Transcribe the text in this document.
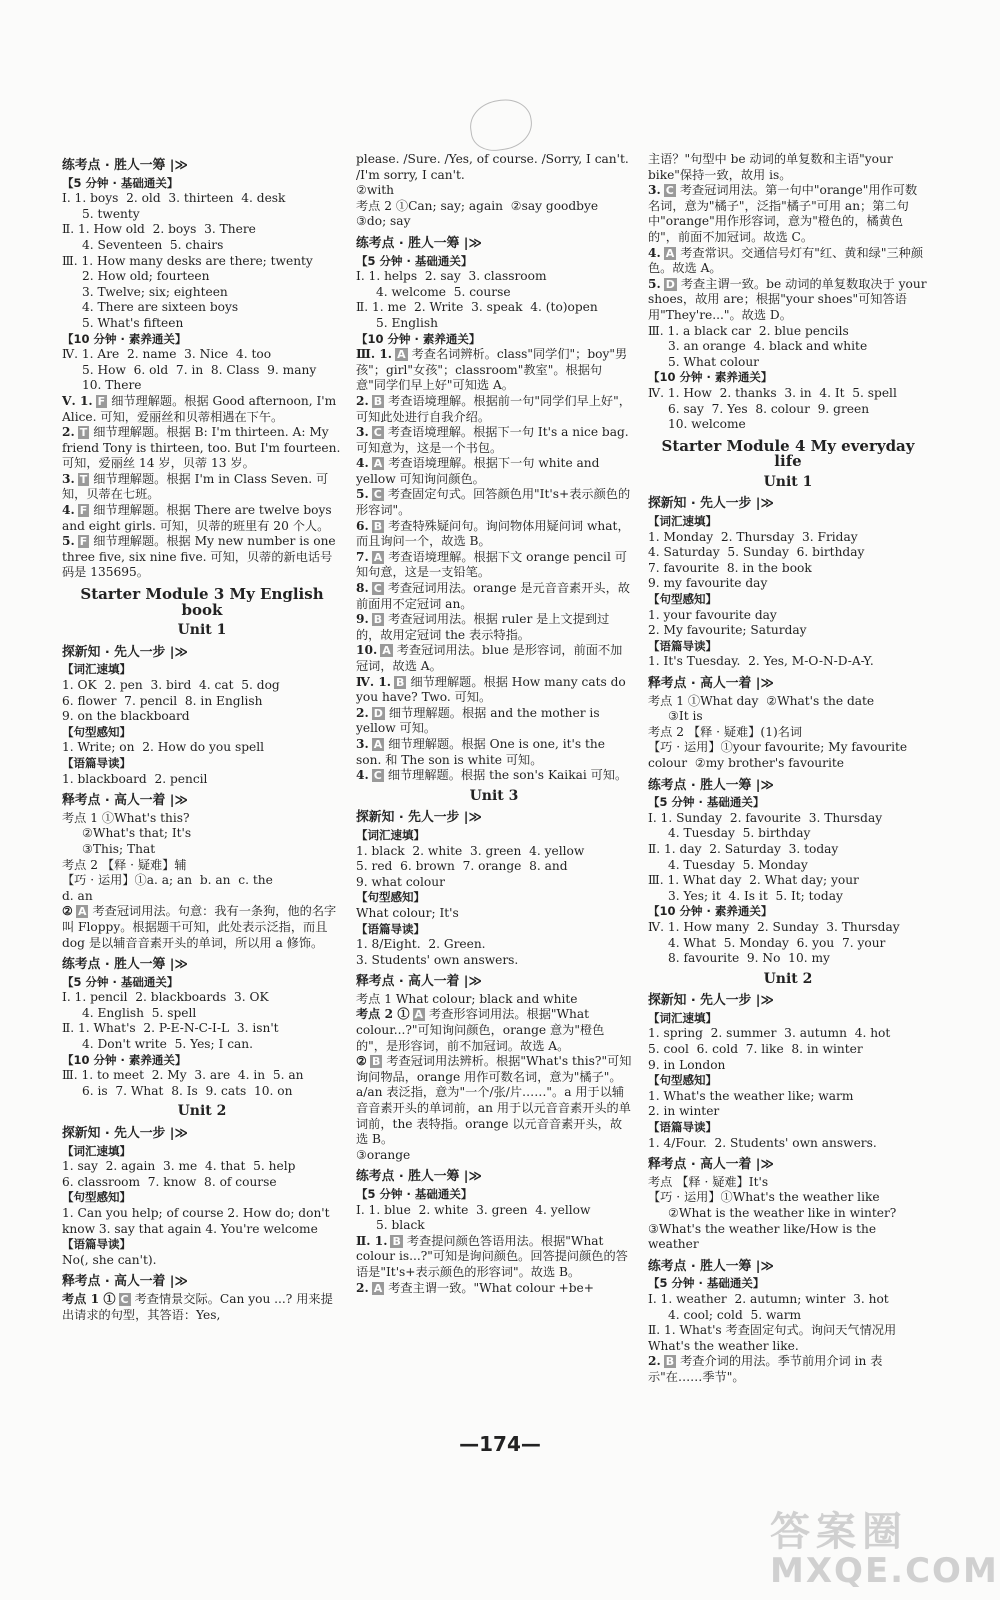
练考点 · 胜人一筹 |≫
【5 分钟 · 基础通关】
Ⅰ. 1. boys  2. old  3. thirteen  4. desk
5. twenty
Ⅱ. 1. How old  2. boys  3. There
4. Seventeen  5. chairs
Ⅲ. 1. How many desks are there; twenty
2. How old; fourteen
3. Twelve; six; eighteen
4. There are sixteen boys
5. What's fifteen
【10 分钟 · 素养通关】
Ⅳ. 1. Are  2. name  3. Nice  4. too
5. How  6. old  7. in  8. Class  9. many
10. There
Ⅴ. 1. F 细节理解题。根据 Good afternoon, I'm Alice. 可知，爱丽丝和贝蒂相遇在下午。
2. T 细节理解题。根据 B: I'm thirteen. A: My friend Tony is thirteen, too. But I'm fourteen. 可知，爱丽丝 14 岁，贝蒂 13 岁。
3. T 细节理解题。根据 I'm in Class Seven. 可知，贝蒂在七班。
4. F 细节理解题。根据 There are twelve boys and eight girls. 可知，贝蒂的班里有 20 个人。
5. F 细节理解题。根据 My new number is one three five, six nine five. 可知，贝蒂的新电话号码是 135695。
Starter Module 3 My English book
Unit 1
探新知 · 先人一步 |≫
【词汇速填】
1. OK  2. pen  3. bird  4. cat  5. dog
6. flower  7. pencil  8. in English
9. on the blackboard
【句型感知】
1. Write; on  2. How do you spell
【语篇导读】
1. blackboard  2. pencil
释考点 · 高人一着 |≫
考点 1 ①What's this?
②What's that; It's
③This; That
考点 2 【释 · 疑难】辅
【巧 · 运用】①a. a; an  b. an  c. the
d. an
② A 考查冠词用法。句意：我有一条狗，他的名字叫 Floppy。根据题干可知，此处表示泛指，而且 dog 是以辅音音素开头的单词，所以用 a 修饰。
练考点 · 胜人一筹 |≫
【5 分钟 · 基础通关】
Ⅰ. 1. pencil  2. blackboards  3. OK
4. English  5. spell
Ⅱ. 1. What's  2. P-E-N-C-I-L  3. isn't
4. Don't write  5. Yes; I can.
【10 分钟 · 素养通关】
Ⅲ. 1. to meet  2. My  3. are  4. in  5. an
6. is  7. What  8. Is  9. cats  10. on
Unit 2
探新知 · 先人一步 |≫
【词汇速填】
1. say  2. again  3. me  4. that  5. help
6. classroom  7. know  8. of course
【句型感知】
1. Can you help; of course 2. How do; don't know 3. say that again 4. You're welcome
【语篇导读】
No(, she can't).
释考点 · 高人一着 |≫
考点 1 ① C 考查情景交际。Can you ...? 用来提出请求的句型，其答语：Yes,
please. /Sure. /Yes, of course. /Sorry, I can't. /I'm sorry, I can't.
②with
考点 2 ①Can; say; again  ②say goodbye
③do; say
练考点 · 胜人一筹 |≫
【5 分钟 · 基础通关】
Ⅰ. 1. helps  2. say  3. classroom
4. welcome  5. course
Ⅱ. 1. me  2. Write  3. speak  4. (to)open
5. English
【10 分钟 · 素养通关】
Ⅲ. 1. A 考查名词辨析。class"同学们"；boy"男孩"；girl"女孩"；classroom"教室"。根据句意"同学们早上好"可知选 A。
2. B 考查语境理解。根据前一句"同学们早上好"，可知此处进行自我介绍。
3. C 考查语境理解。根据下一句 It's a nice bag. 可知意为，这是一个书包。
4. A 考查语境理解。根据下一句 white and yellow 可知询问颜色。
5. C 考查固定句式。回答颜色用"It's+表示颜色的形容词"。
6. B 考查特殊疑问句。询问物体用疑问词 what，而且询问一个，故选 B。
7. A 考查语境理解。根据下文 orange pencil 可知句意，这是一支铅笔。
8. C 考查冠词用法。orange 是元音音素开头，故前面用不定冠词 an。
9. B 考查冠词用法。根据 ruler 是上文提到过的，故用定冠词 the 表示特指。
10. A 考查冠词用法。blue 是形容词，前面不加冠词，故选 A。
Ⅳ. 1. B 细节理解题。根据 How many cats do you have? Two. 可知。
2. D 细节理解题。根据 and the mother is yellow 可知。
3. A 细节理解题。根据 One is one, it's the son. 和 The son is white 可知。
4. C 细节理解题。根据 the son's Kaikai 可知。
Unit 3
探新知 · 先人一步 |≫
【词汇速填】
1. black  2. white  3. green  4. yellow
5. red  6. brown  7. orange  8. and
9. what colour
【句型感知】
What colour; It's
【语篇导读】
1. 8/Eight.  2. Green.
3. Students' own answers.
释考点 · 高人一着 |≫
考点 1 What colour; black and white
考点 2 ① A 考查形容词用法。根据"What colour...?"可知询问颜色，orange 意为"橙色的"，是形容词，前不加冠词。故选 A。
② B 考查冠词用法辨析。根据"What's this?"可知询问物品，orange 用作可数名词，意为"橘子"。a/an 表泛指，意为"一个/张/片……"。a 用于以辅音音素开头的单词前，an 用于以元音音素开头的单词前，the 表特指。orange 以元音音素开头，故选 B。
③orange
练考点 · 胜人一筹 |≫
【5 分钟 · 基础通关】
Ⅰ. 1. blue  2. white  3. green  4. yellow
5. black
Ⅱ. 1. B 考查提问颜色答语用法。根据"What colour is...?"可知是询问颜色。回答提问颜色的答语是"It's+表示颜色的形容词"。故选 B。
2. A 考查主谓一致。"What colour +be+
主语？"句型中 be 动词的单复数和主语"your bike"保持一致，故用 is。
3. C 考查冠词用法。第一句中"orange"用作可数名词，意为"橘子"，泛指"橘子"可用 an；第二句中"orange"用作形容词，意为"橙色的，橘黄色的"，前面不加冠词。故选 C。
4. A 考查常识。交通信号灯有"红、黄和绿"三种颜色。故选 A。
5. D 考查主谓一致。be 动词的单复数取决于 your shoes，故用 are；根据"your shoes"可知答语用"They're..."。故选 D。
Ⅲ. 1. a black car  2. blue pencils
3. an orange  4. black and white
5. What colour
【10 分钟 · 素养通关】
Ⅳ. 1. How  2. thanks  3. in  4. It  5. spell
6. say  7. Yes  8. colour  9. green
10. welcome
Starter Module 4 My everyday life
Unit 1
探新知 · 先人一步 |≫
【词汇速填】
1. Monday  2. Thursday  3. Friday
4. Saturday  5. Sunday  6. birthday
7. favourite  8. in the book
9. my favourite day
【句型感知】
1. your favourite day
2. My favourite; Saturday
【语篇导读】
1. It's Tuesday.  2. Yes, M-O-N-D-A-Y.
释考点 · 高人一着 |≫
考点 1 ①What day  ②What's the date
③It is
考点 2 【释 · 疑难】(1)名词
【巧 · 运用】①your favourite; My favourite
colour  ②my brother's favourite
练考点 · 胜人一筹 |≫
【5 分钟 · 基础通关】
Ⅰ. 1. Sunday  2. favourite  3. Thursday
4. Tuesday  5. birthday
Ⅱ. 1. day  2. Saturday  3. today
4. Tuesday  5. Monday
Ⅲ. 1. What day  2. What day; your
3. Yes; it  4. Is it  5. It; today
【10 分钟 · 素养通关】
Ⅳ. 1. How many  2. Sunday  3. Thursday
4. What  5. Monday  6. you  7. your
8. favourite  9. No  10. my
Unit 2
探新知 · 先人一步 |≫
【词汇速填】
1. spring  2. summer  3. autumn  4. hot
5. cool  6. cold  7. like  8. in winter
9. in London
【句型感知】
1. What's the weather like; warm
2. in winter
【语篇导读】
1. 4/Four.  2. Students' own answers.
释考点 · 高人一着 |≫
考点 【释 · 疑难】It's
【巧 · 运用】①What's the weather like
②What is the weather like in winter?
③What's the weather like/How is the weather
练考点 · 胜人一筹 |≫
【5 分钟 · 基础通关】
Ⅰ. 1. weather  2. autumn; winter  3. hot
4. cool; cold  5. warm
Ⅱ. 1. What's 考查固定句式。询问天气情况用 What's the weather like.
2. B 考查介词的用法。季节前用介词 in 表示"在……季节"。
—174—
答案圈
MXQE.COM
